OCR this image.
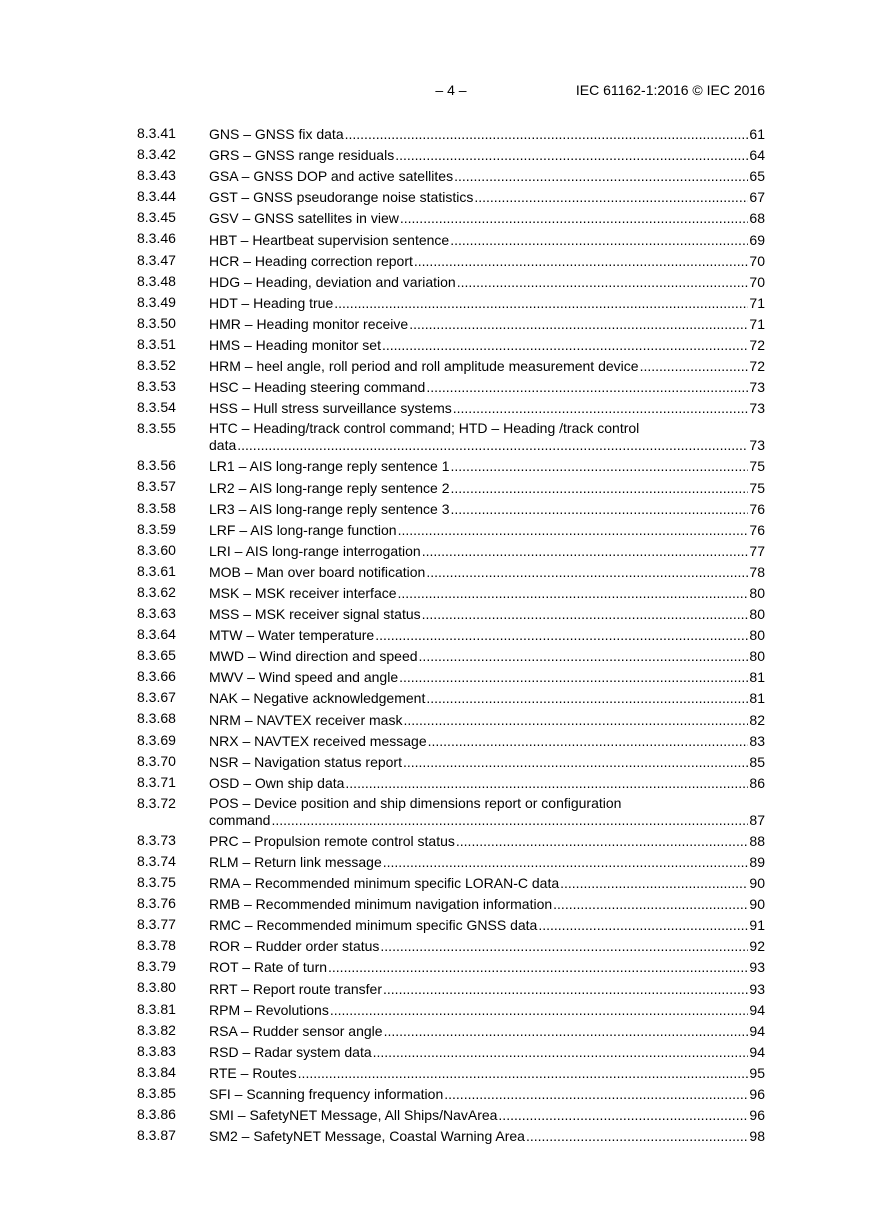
– 4 –	IEC 61162-1:2016 © IEC 2016
8.3.41	GNS – GNSS fix data .....	61
8.3.42	GRS – GNSS range residuals .....	64
8.3.43	GSA – GNSS DOP and active satellites .....	65
8.3.44	GST – GNSS pseudorange noise statistics .....	67
8.3.45	GSV – GNSS satellites in view .....	68
8.3.46	HBT – Heartbeat supervision sentence .....	69
8.3.47	HCR – Heading correction report .....	70
8.3.48	HDG – Heading, deviation and variation .....	70
8.3.49	HDT – Heading true .....	71
8.3.50	HMR – Heading monitor receive .....	71
8.3.51	HMS – Heading monitor set .....	72
8.3.52	HRM – heel angle, roll period and roll amplitude measurement device .....	72
8.3.53	HSC – Heading steering command .....	73
8.3.54	HSS – Hull stress surveillance systems .....	73
8.3.55	HTC – Heading/track control command; HTD – Heading /track control
data .....	73
8.3.56	LR1 – AIS long-range reply sentence 1 .....	75
8.3.57	LR2 – AIS long-range reply sentence 2 .....	75
8.3.58	LR3 – AIS long-range reply sentence 3 .....	76
8.3.59	LRF – AIS long-range function .....	76
8.3.60	LRI – AIS long-range interrogation .....	77
8.3.61	MOB – Man over board notification .....	78
8.3.62	MSK – MSK receiver interface .....	80
8.3.63	MSS – MSK receiver signal status .....	80
8.3.64	MTW – Water temperature .....	80
8.3.65	MWD – Wind direction and speed .....	80
8.3.66	MWV – Wind speed and angle .....	81
8.3.67	NAK – Negative acknowledgement .....	81
8.3.68	NRM – NAVTEX receiver mask .....	82
8.3.69	NRX – NAVTEX received message .....	83
8.3.70	NSR – Navigation status report .....	85
8.3.71	OSD – Own ship data .....	86
8.3.72	POS – Device position and ship dimensions report or configuration
command .....	87
8.3.73	PRC – Propulsion remote control status .....	88
8.3.74	RLM – Return link message .....	89
8.3.75	RMA – Recommended minimum specific LORAN-C data .....	90
8.3.76	RMB – Recommended minimum navigation information .....	90
8.3.77	RMC – Recommended minimum specific GNSS data .....	91
8.3.78	ROR – Rudder order status .....	92
8.3.79	ROT – Rate of turn .....	93
8.3.80	RRT – Report route transfer .....	93
8.3.81	RPM – Revolutions .....	94
8.3.82	RSA – Rudder sensor angle .....	94
8.3.83	RSD – Radar system data .....	94
8.3.84	RTE – Routes .....	95
8.3.85	SFI – Scanning frequency information .....	96
8.3.86	SMI – SafetyNET Message, All Ships/NavArea .....	96
8.3.87	SM2 – SafetyNET Message, Coastal Warning Area .....	98
